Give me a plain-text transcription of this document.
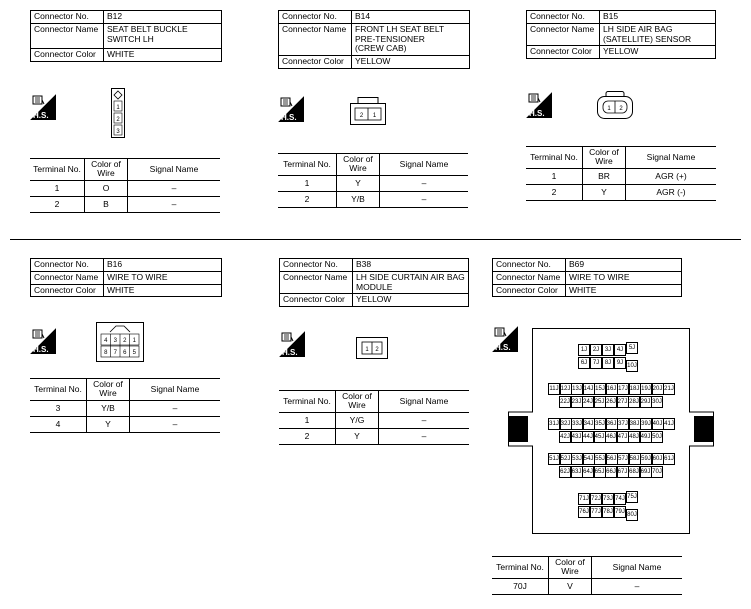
Connector No.	B12
Connector Name	SEAT BELT BUCKLE
SWITCH LH
Connector Color	WHITE
H.S.
1
2
3
Terminal No.	Color of Wire	Signal Name
1	O	–
2	B	–
Connector No.	B14
Connector Name	FRONT LH SEAT BELT
PRE-TENSIONER
(CREW CAB)
Connector Color	YELLOW
H.S.	2 1
Terminal No.	Color of Wire	Signal Name
1	Y	–
2	Y/B	–
Connector No.	B15
Connector Name	LH SIDE AIR BAG
(SATELLITE) SENSOR
Connector Color	YELLOW
H.S.	1 2
Terminal No.	Color of Wire	Signal Name
1	BR	AGR (+)
2	Y	AGR (-)
Connector No.	B16
Connector Name	WIRE TO WIRE
Connector Color	WHITE
H.S.
4 3 2 1
8 7 6 5
Terminal No.	Color of Wire	Signal Name
3	Y/B	–
4	Y	–
Connector No.	B38
Connector Name	LH SIDE CURTAIN AIR BAG
MODULE
Connector Color	YELLOW
H.S.	1 2
Terminal No.	Color of Wire	Signal Name
1	Y/G	–
2	Y	–
Connector No.	B69
Connector Name	WIRE TO WIRE
Connector Color	WHITE
H.S.	1J 2J 3J 4J 5J
6J 7J 8J 9J 10J
11J 12J 13J 14J 15J 16J 17J 18J 19J 20J 21J
22J 23J 24J 25J 26J 27J 28J 29J 30J
31J 32J 33J 34J 35J 36J 37J 38J 39J 40J 41J
42J 43J 44J 45J 46J 47J 48J 49J 50J
51J 52J 53J 54J 55J 56J 57J 58J 59J 60J 61J
62J 63J 64J 65J 66J 67J 68J 69J 70J
71J 72J 73J 74J 75J
76J 77J 78J 79J 80J
Terminal No.	Color of Wire	Signal Name
70J	V	–
